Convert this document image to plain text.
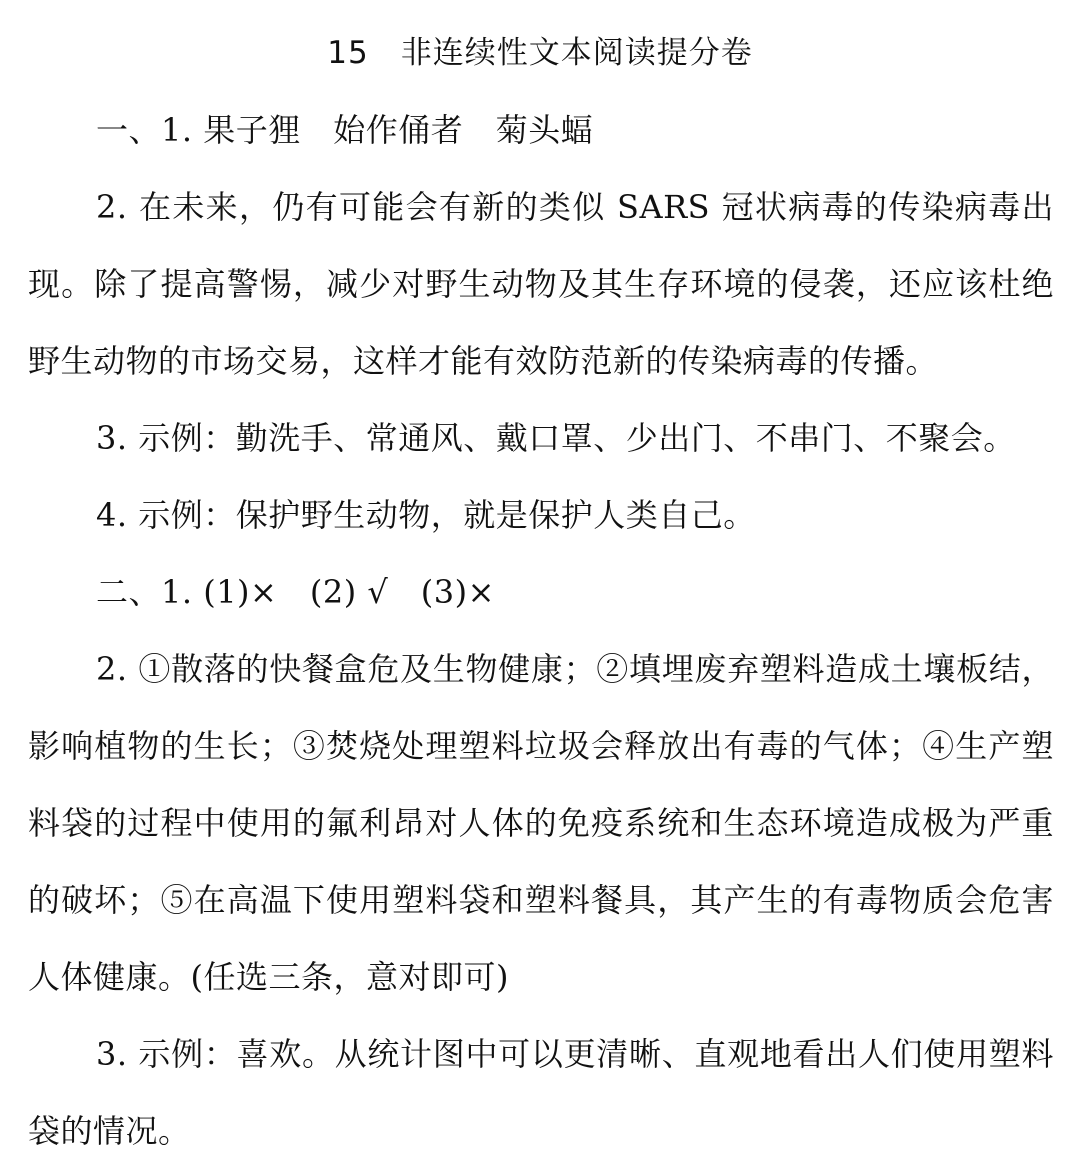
15　非连续性文本阅读提分卷

一、1. 果子狸　始作俑者　菊头蝠

2. 在未来，仍有可能会有新的类似 SARS 冠状病毒的传染病毒出现。除了提高警惕，减少对野生动物及其生存环境的侵袭，还应该杜绝野生动物的市场交易，这样才能有效防范新的传染病毒的传播。

3. 示例：勤洗手、常通风、戴口罩、少出门、不串门、不聚会。

4. 示例：保护野生动物，就是保护人类自己。

二、1. (1)×　(2) √　(3)×

2. ①散落的快餐盒危及生物健康；②填埋废弃塑料造成土壤板结，影响植物的生长；③焚烧处理塑料垃圾会释放出有毒的气体；④生产塑料袋的过程中使用的氟利昂对人体的免疫系统和生态环境造成极为严重的破坏；⑤在高温下使用塑料袋和塑料餐具，其产生的有毒物质会危害人体健康。(任选三条，意对即可)

3. 示例：喜欢。从统计图中可以更清晰、直观地看出人们使用塑料袋的情况。
